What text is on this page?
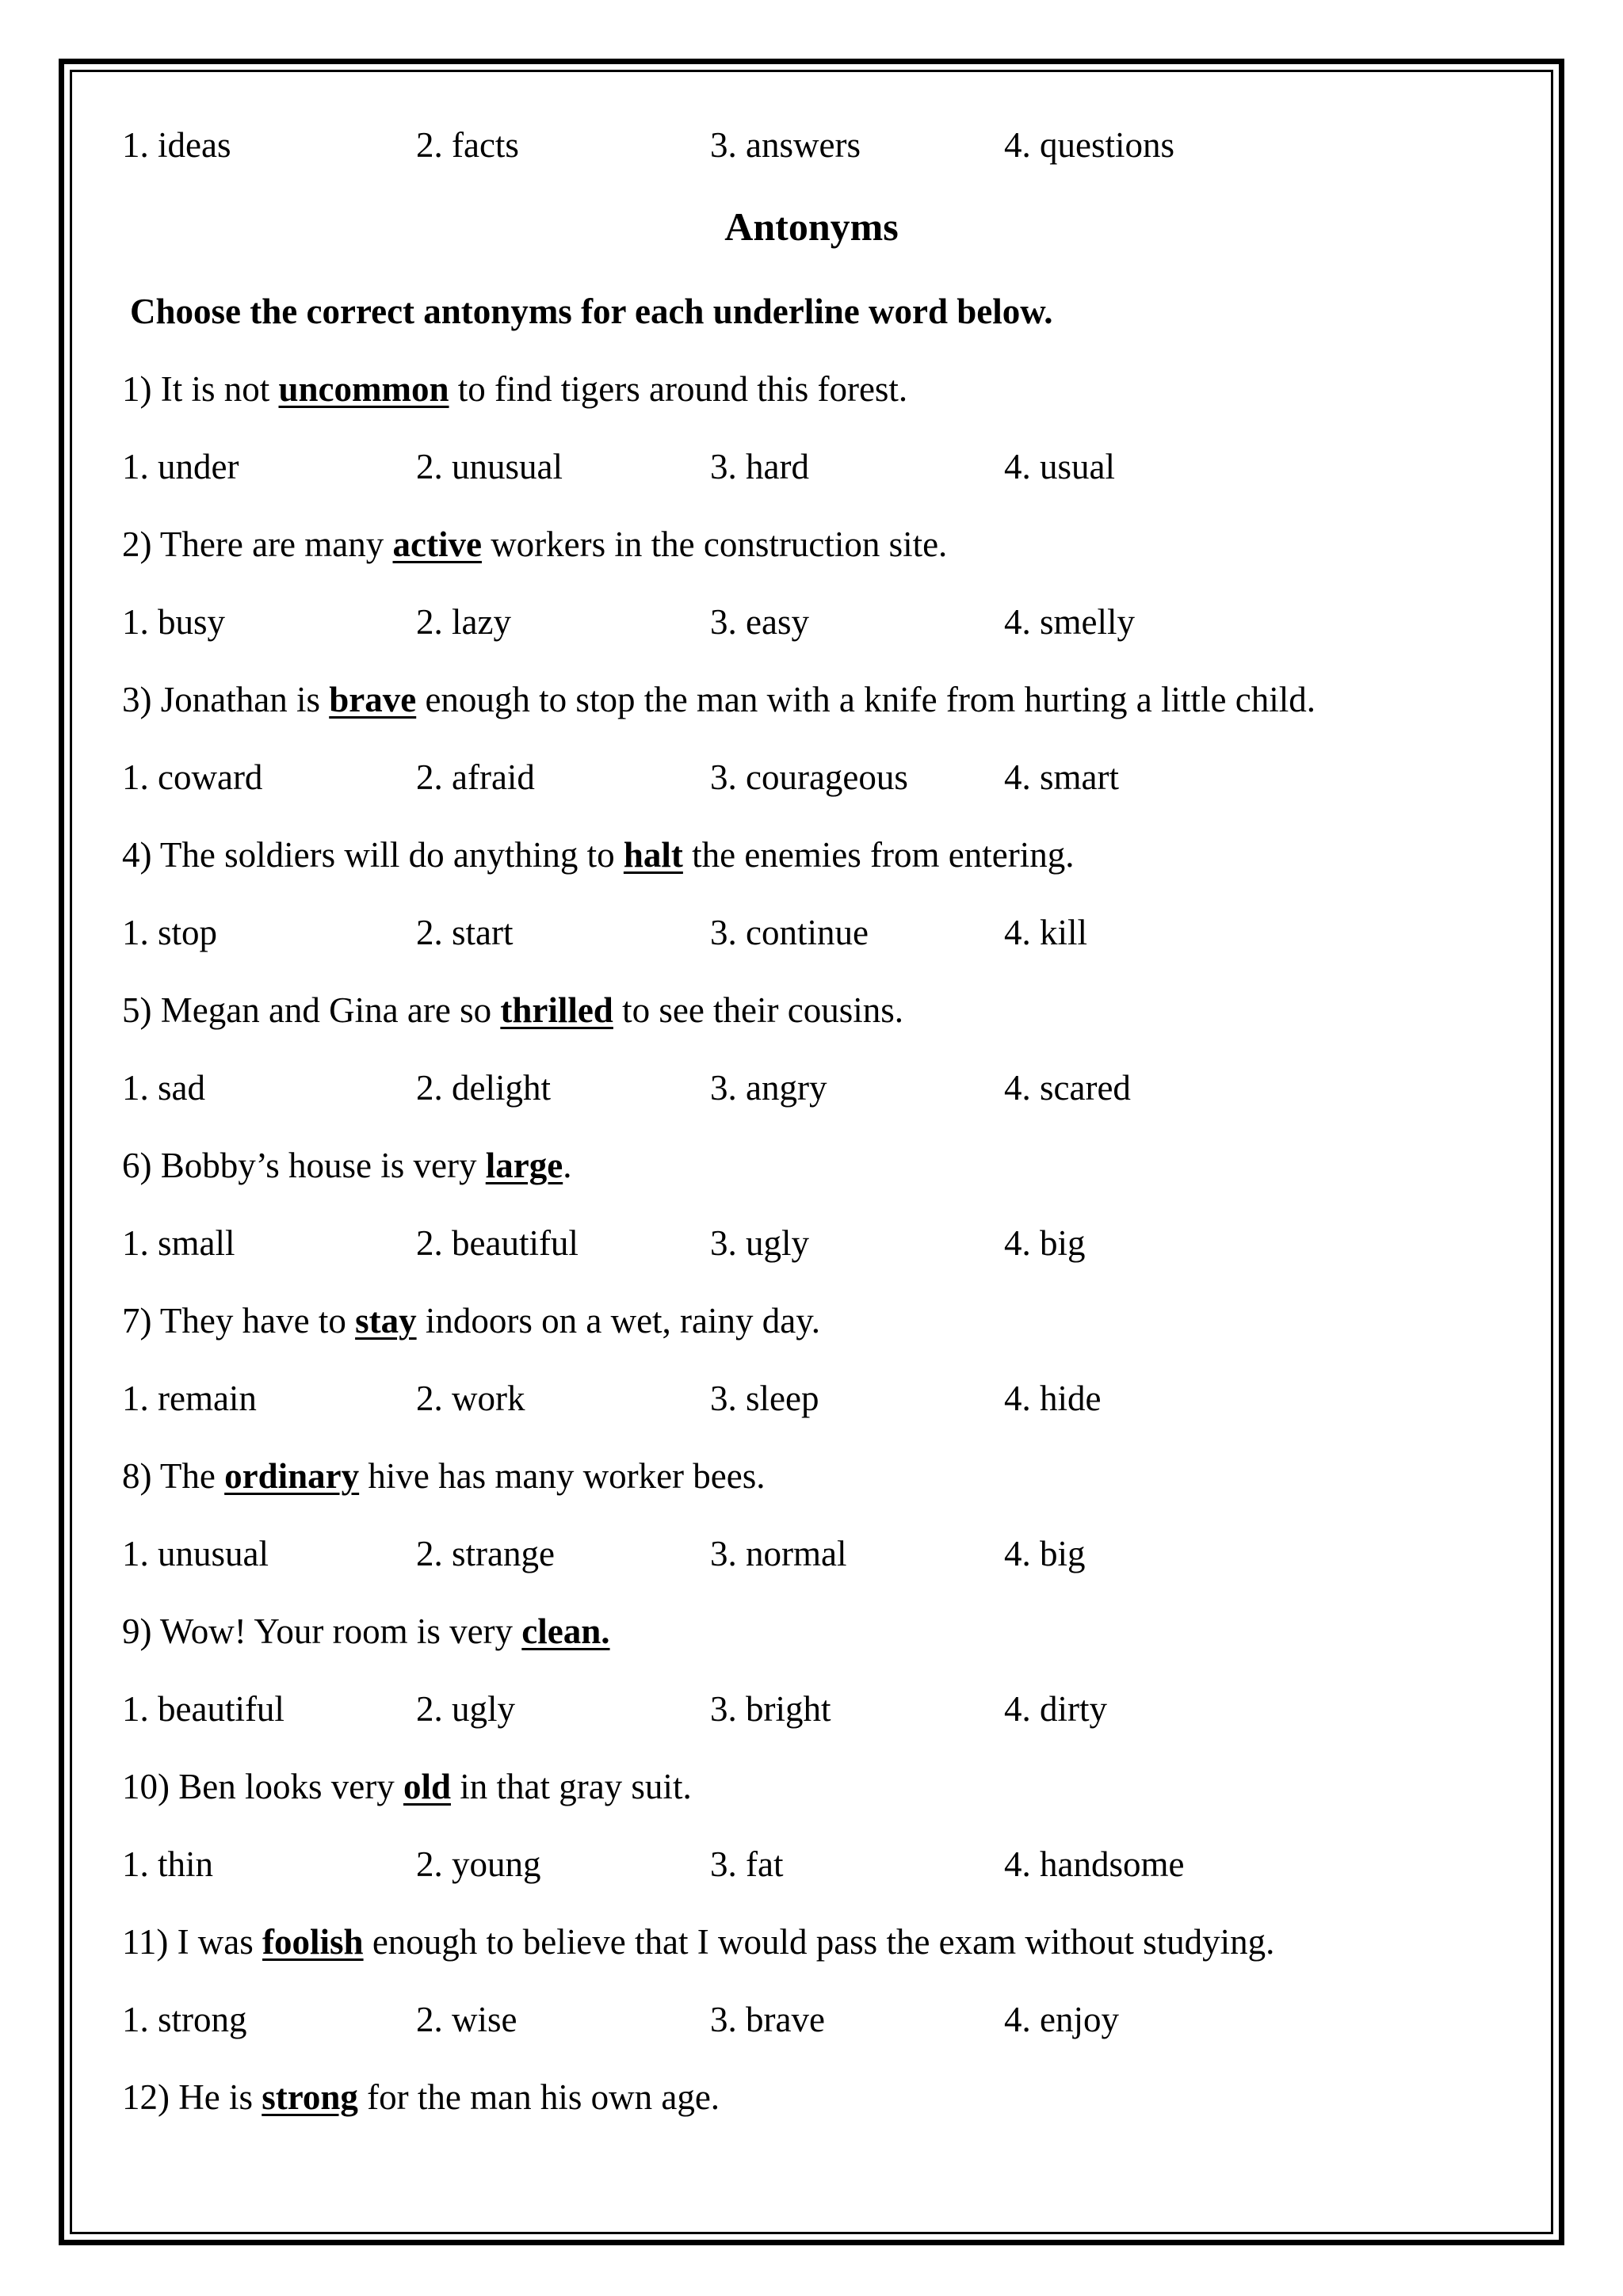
1. ideas	2. facts	3. answers	4. questions
Antonyms
Choose the correct antonyms for each underline word below.
1) It is not uncommon to find tigers around this forest.
1. under	2. unusual	3. hard	4. usual
2) There are many active workers in the construction site.
1. busy	2. lazy	3. easy	4. smelly
3) Jonathan is brave enough to stop the man with a knife from hurting a little child.
1. coward	2. afraid	3. courageous	4. smart
4) The soldiers will do anything to halt the enemies from entering.
1. stop	2. start	3. continue	4. kill
5) Megan and Gina are so thrilled to see their cousins.
1. sad	2. delight	3. angry	4. scared
6) Bobby’s house is very large.
1. small	2. beautiful	3. ugly	4. big
7) They have to stay indoors on a wet, rainy day.
1. remain	2. work	3. sleep	4. hide
8) The ordinary hive has many worker bees.
1. unusual	2. strange	3. normal	4. big
9) Wow! Your room is very clean.
1. beautiful	2. ugly	3. bright	4. dirty
10) Ben looks very old in that gray suit.
1. thin	2. young	3. fat	4. handsome
11) I was foolish enough to believe that I would pass the exam without studying.
1. strong	2. wise	3. brave	4. enjoy
12) He is strong for the man his own age.
